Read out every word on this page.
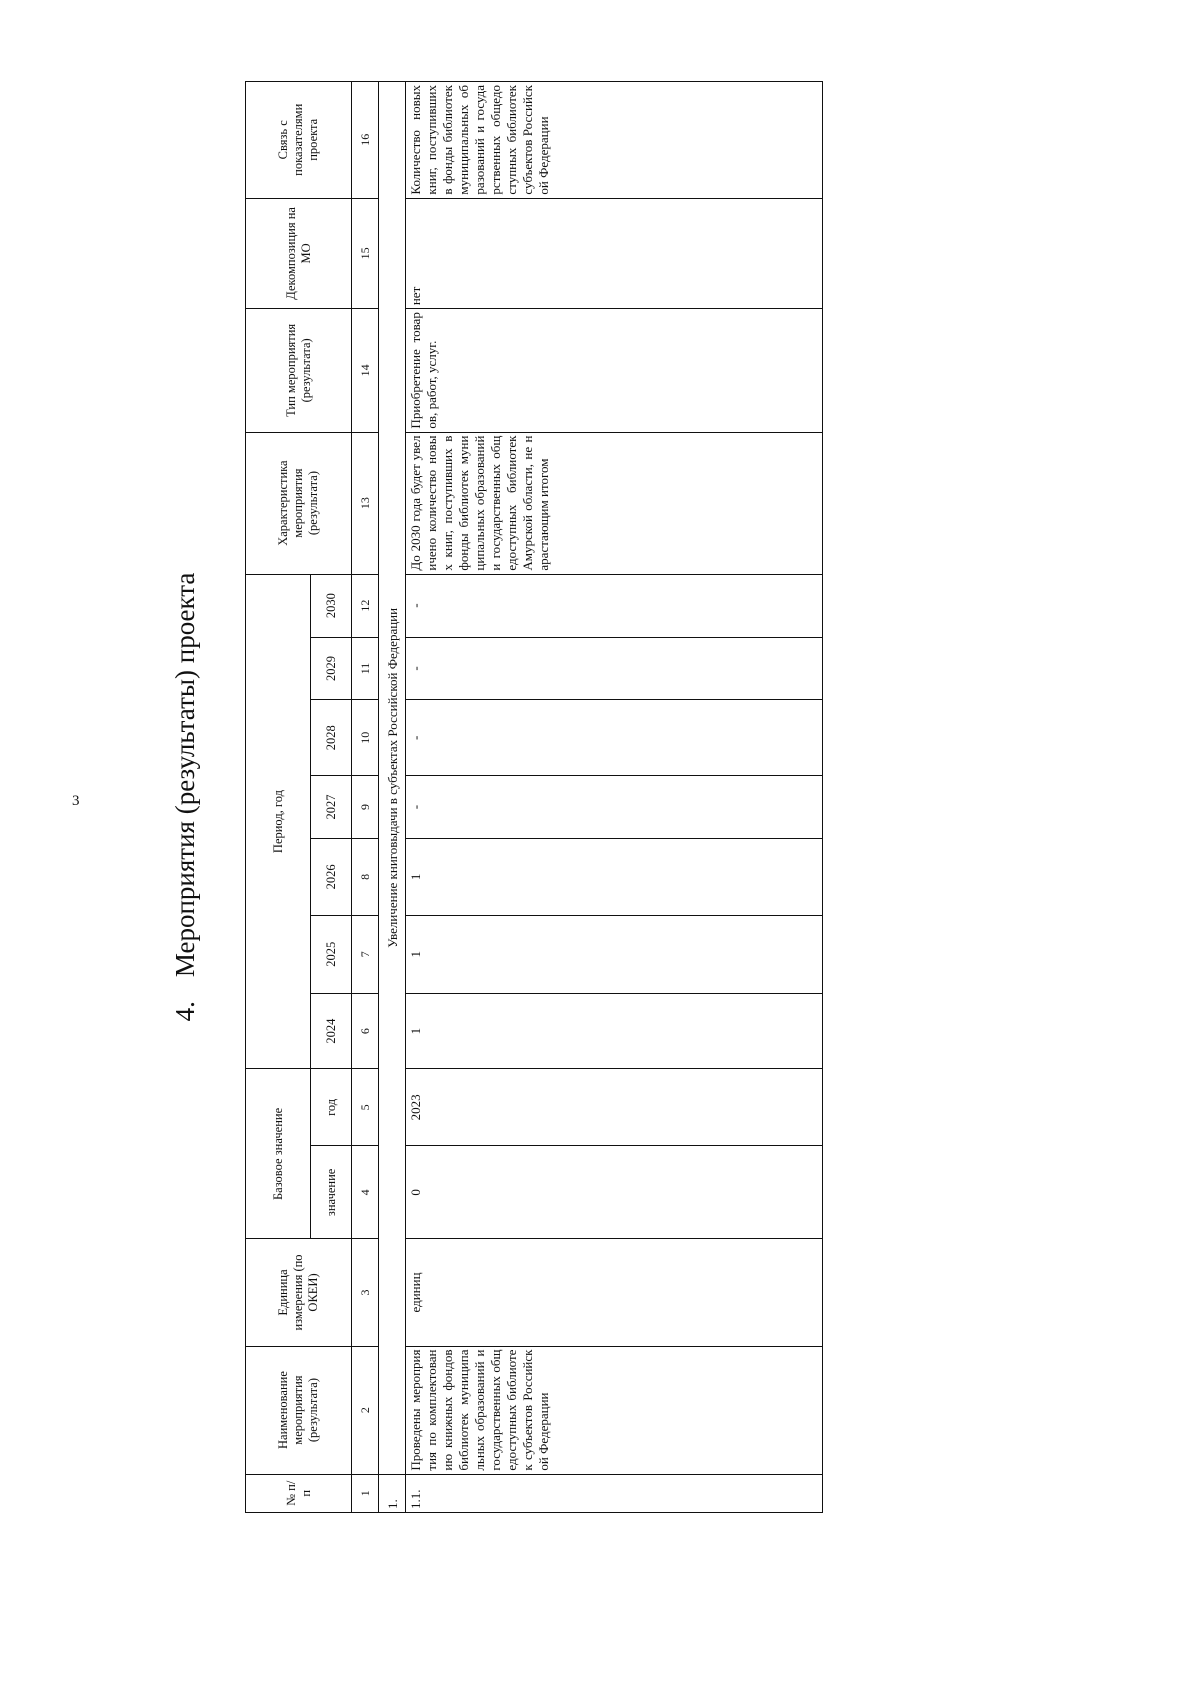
3
4.Мероприятия (результаты) проекта
№ п/п	Наименование мероприятия (результата)	Единица измерения (по ОКЕИ)	Базовое значение		Период, год							Характеристика мероприятия (результата)	Тип мероприятия (результата)	Декомпозиция на МО	Связь с показателями проекта
			значение	год	2024	2025	2026	2027	2028	2029	2030				
1	2	3	4	5	6	7	8	9	10	11	12	13	14	15	16
1.	Увеличение книговыдачи в субъектах Российской Федерации														
1.1.	Проведены мероприятия по комплектованию книжных фондов библиотек муниципальных образований и государственных общедоступных библиотек субъектов Российской Федерации	единиц	0	2023	1	1	1	-	-	-	-	До 2030 года будет увеличено количество новых книг, поступивших в фонды библиотек муниципальных образований и государственных общедоступных библиотек Амурской области, не нарастающим итогом	Приобретение товаров, работ, услуг.	нет	Количество новых книг, поступивших в фонды библиотек муниципальных образований и государственных общедоступных библиотек субъектов Российской Федерации
